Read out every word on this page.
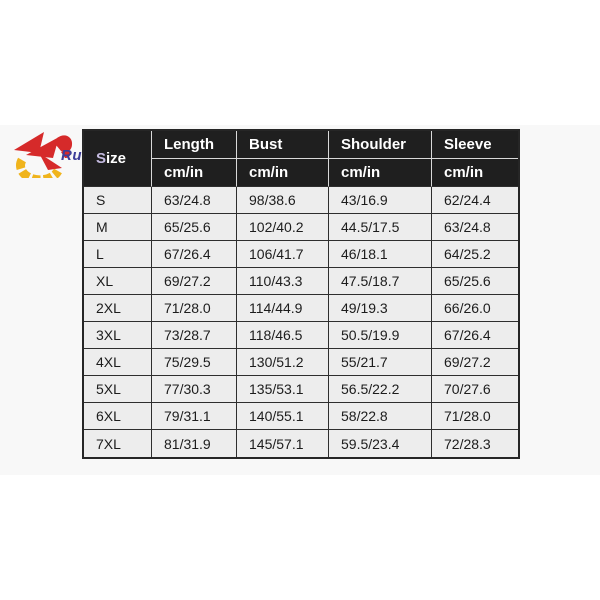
Ru Size	Length	Bust	Shoulder	Sleeve
	cm/in	cm/in	cm/in	cm/in
S	63/24.8	98/38.6	43/16.9	62/24.4
M	65/25.6	102/40.2	44.5/17.5	63/24.8
L	67/26.4	106/41.7	46/18.1	64/25.2
XL	69/27.2	110/43.3	47.5/18.7	65/25.6
2XL	71/28.0	114/44.9	49/19.3	66/26.0
3XL	73/28.7	118/46.5	50.5/19.9	67/26.4
4XL	75/29.5	130/51.2	55/21.7	69/27.2
5XL	77/30.3	135/53.1	56.5/22.2	70/27.6
6XL	79/31.1	140/55.1	58/22.8	71/28.0
7XL	81/31.9	145/57.1	59.5/23.4	72/28.3
